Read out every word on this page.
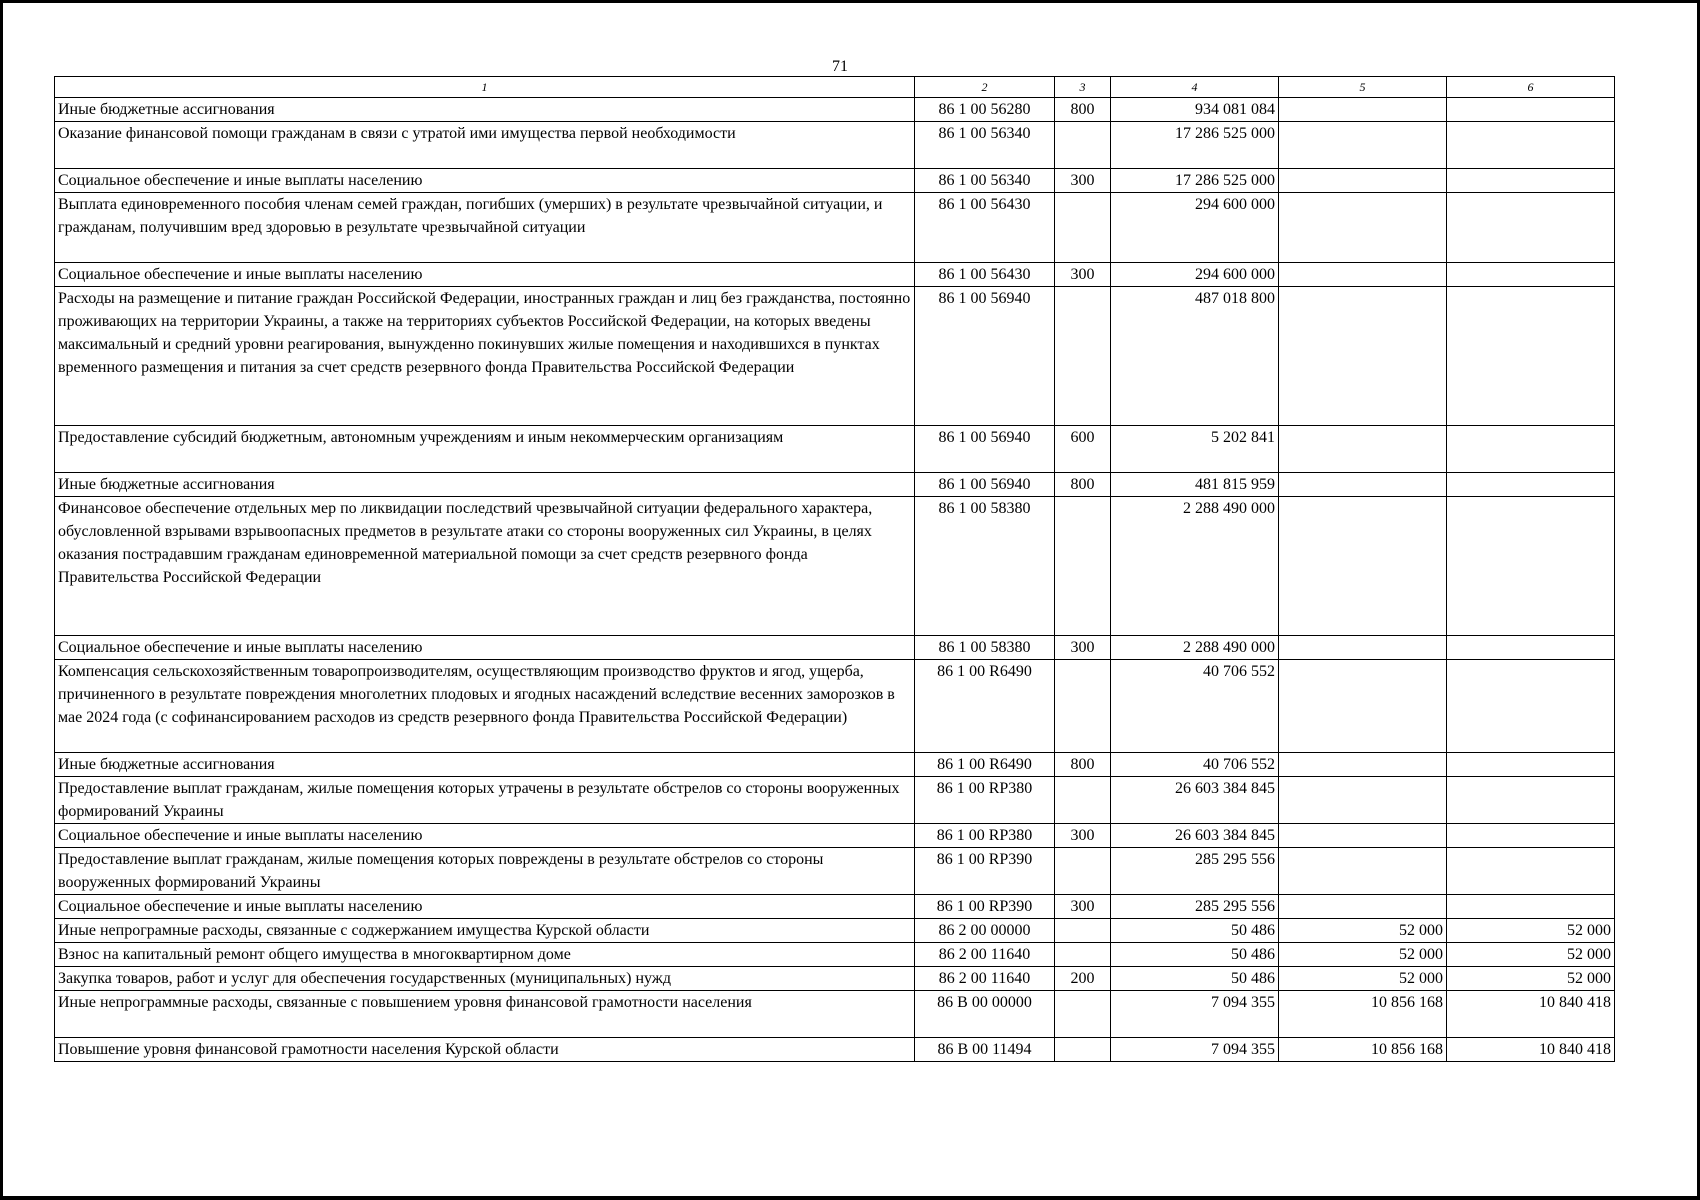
71
1	2	3	4	5	6
Иные бюджетные ассигнования	86 1 00 56280	800	934 081 084		
Оказание финансовой помощи гражданам в связи с утратой ими имущества первой необходимости	86 1 00 56340		17 286 525 000		
Социальное обеспечение и иные выплаты населению	86 1 00 56340	300	17 286 525 000		
Выплата единовременного пособия членам семей граждан, погибших (умерших) в результате чрезвычайной ситуации, и гражданам, получившим вред здоровью в результате чрезвычайной ситуации	86 1 00 56430		294 600 000		
Социальное обеспечение и иные выплаты населению	86 1 00 56430	300	294 600 000		
Расходы на размещение и питание граждан Российской Федерации, иностранных граждан и лиц без гражданства, постоянно проживающих на территории Украины, а также на территориях субъектов Российской Федерации, на которых введены максимальный и средний уровни реагирования, вынужденно покинувших жилые помещения и находившихся в пунктах временного размещения и питания за счет средств резервного фонда Правительства Российской Федерации	86 1 00 56940		487 018 800		
Предоставление субсидий бюджетным, автономным учреждениям и иным некоммерческим организациям	86 1 00 56940	600	5 202 841		
Иные бюджетные ассигнования	86 1 00 56940	800	481 815 959		
Финансовое обеспечение отдельных мер по ликвидации последствий чрезвычайной ситуации федерального характера, обусловленной взрывами взрывоопасных предметов в результате атаки со стороны вооруженных сил Украины, в целях оказания пострадавшим гражданам единовременной материальной помощи за счет средств резервного фонда Правительства Российской Федерации	86 1 00 58380		2 288 490 000		
Социальное обеспечение и иные выплаты населению	86 1 00 58380	300	2 288 490 000		
Компенсация сельскохозяйственным товаропроизводителям, осуществляющим производство фруктов и ягод, ущерба, причиненного в результате повреждения многолетних плодовых и ягодных насаждений вследствие весенних заморозков в мае 2024 года (с софинансированием расходов из средств резервного фонда Правительства Российской Федерации)	86 1 00 R6490		40 706 552		
Иные бюджетные ассигнования	86 1 00 R6490	800	40 706 552		
Предоставление выплат гражданам, жилые помещения которых утрачены в результате обстрелов со стороны вооруженных формирований Украины	86 1 00 RP380		26 603 384 845		
Социальное обеспечение и иные выплаты населению	86 1 00 RP380	300	26 603 384 845		
Предоставление выплат гражданам, жилые помещения которых повреждены в результате обстрелов со стороны вооруженных формирований Украины	86 1 00 RP390		285 295 556		
Социальное обеспечение и иные выплаты населению	86 1 00 RP390	300	285 295 556		
Иные непрограмные расходы, связанные с соджержанием имущества Курской области	86 2 00 00000		50 486	52 000	52 000
Взнос на капитальный ремонт общего имущества в многоквартирном доме	86 2 00 11640		50 486	52 000	52 000
Закупка товаров, работ и услуг для обеспечения государственных (муниципальных) нужд	86 2 00 11640	200	50 486	52 000	52 000
Иные непрограммные расходы, связанные с повышением уровня финансовой грамотности населения	86 В 00 00000		7 094 355	10 856 168	10 840 418
Повышение уровня финансовой грамотности населения Курской области	86 В 00 11494		7 094 355	10 856 168	10 840 418
